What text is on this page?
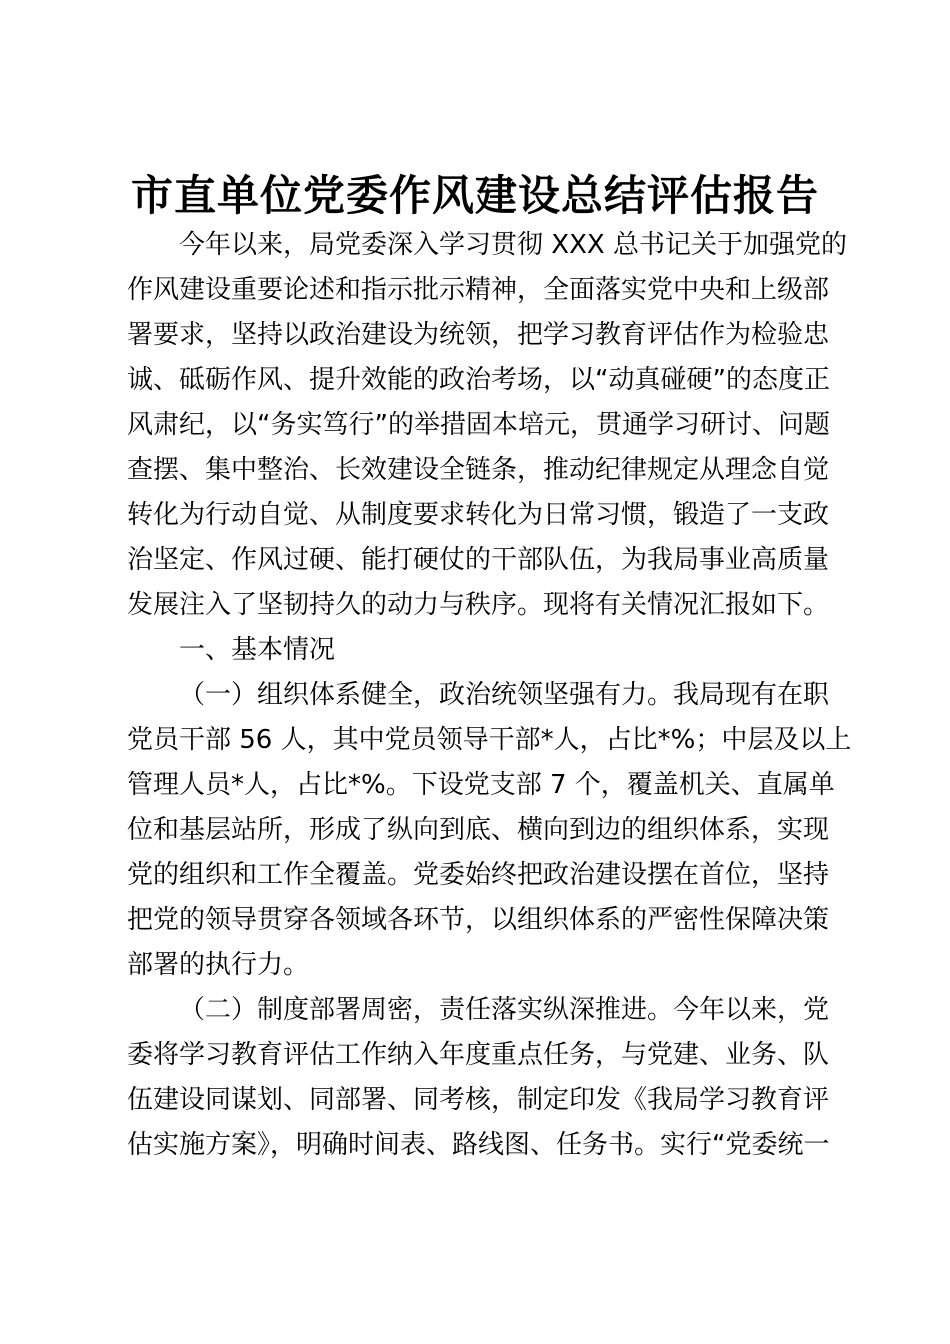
市直单位党委作风建设总结评估报告
今年以来，局党委深入学习贯彻 XXX 总书记关于加强党的
作风建设重要论述和指示批示精神，全面落实党中央和上级部
署要求，坚持以政治建设为统领，把学习教育评估作为检验忠
诚、砥砺作风、提升效能的政治考场，以“动真碰硬”的态度正
风肃纪，以“务实笃行”的举措固本培元，贯通学习研讨、问题
查摆、集中整治、长效建设全链条，推动纪律规定从理念自觉
转化为行动自觉、从制度要求转化为日常习惯，锻造了一支政
治坚定、作风过硬、能打硬仗的干部队伍，为我局事业高质量
发展注入了坚韧持久的动力与秩序。现将有关情况汇报如下。
一、基本情况
（一）组织体系健全，政治统领坚强有力。我局现有在职
党员干部 56 人，其中党员领导干部*人，占比*%；中层及以上
管理人员*人，占比*%。下设党支部 7 个，覆盖机关、直属单
位和基层站所，形成了纵向到底、横向到边的组织体系，实现
党的组织和工作全覆盖。党委始终把政治建设摆在首位，坚持
把党的领导贯穿各领域各环节，以组织体系的严密性保障决策
部署的执行力。
（二）制度部署周密，责任落实纵深推进。今年以来，党
委将学习教育评估工作纳入年度重点任务，与党建、业务、队
伍建设同谋划、同部署、同考核，制定印发《我局学习教育评
估实施方案》，明确时间表、路线图、任务书。实行“党委统一
